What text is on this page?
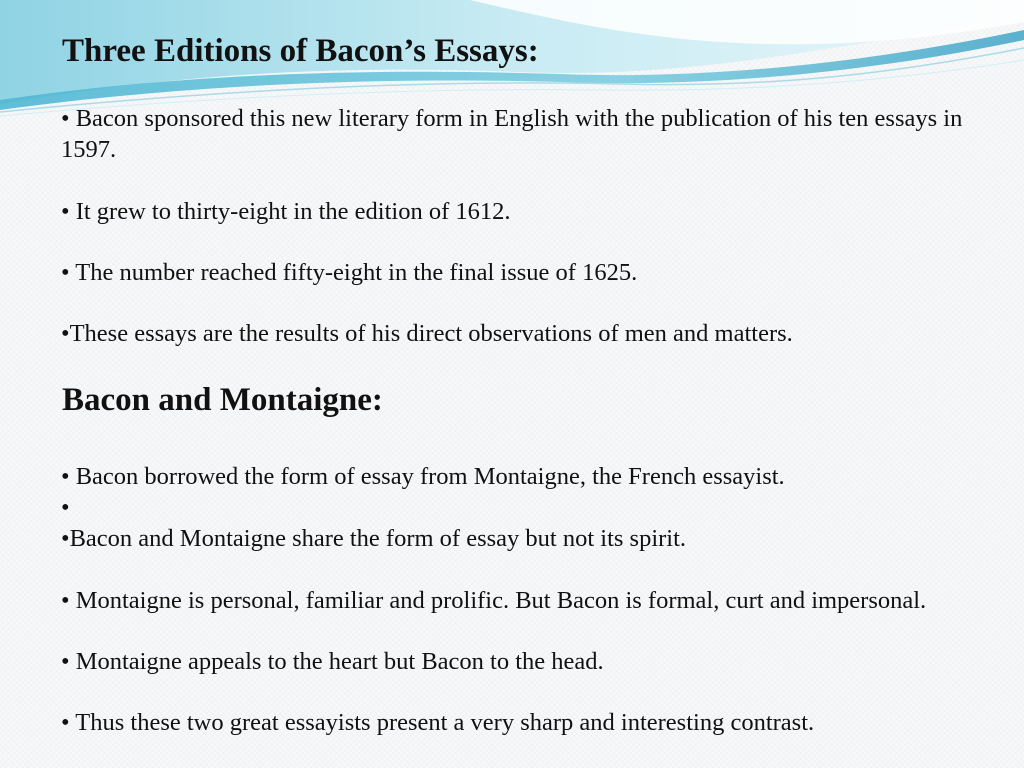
Three Editions of Bacon’s Essays:

• Bacon sponsored this new literary form in English with the publication of his ten essays in 1597.

• It grew to thirty-eight in the edition of 1612.

• The number reached fifty-eight in the final issue of 1625.

•These essays are the results of his direct observations of men and matters.

Bacon and Montaigne:

• Bacon borrowed the form of essay from Montaigne, the French essayist.

•

•Bacon and Montaigne share the form of essay but not its spirit.

• Montaigne is personal, familiar and prolific. But Bacon is formal, curt and impersonal.

• Montaigne appeals to the heart but Bacon to the head.

• Thus these two great essayists present a very sharp and interesting contrast.
